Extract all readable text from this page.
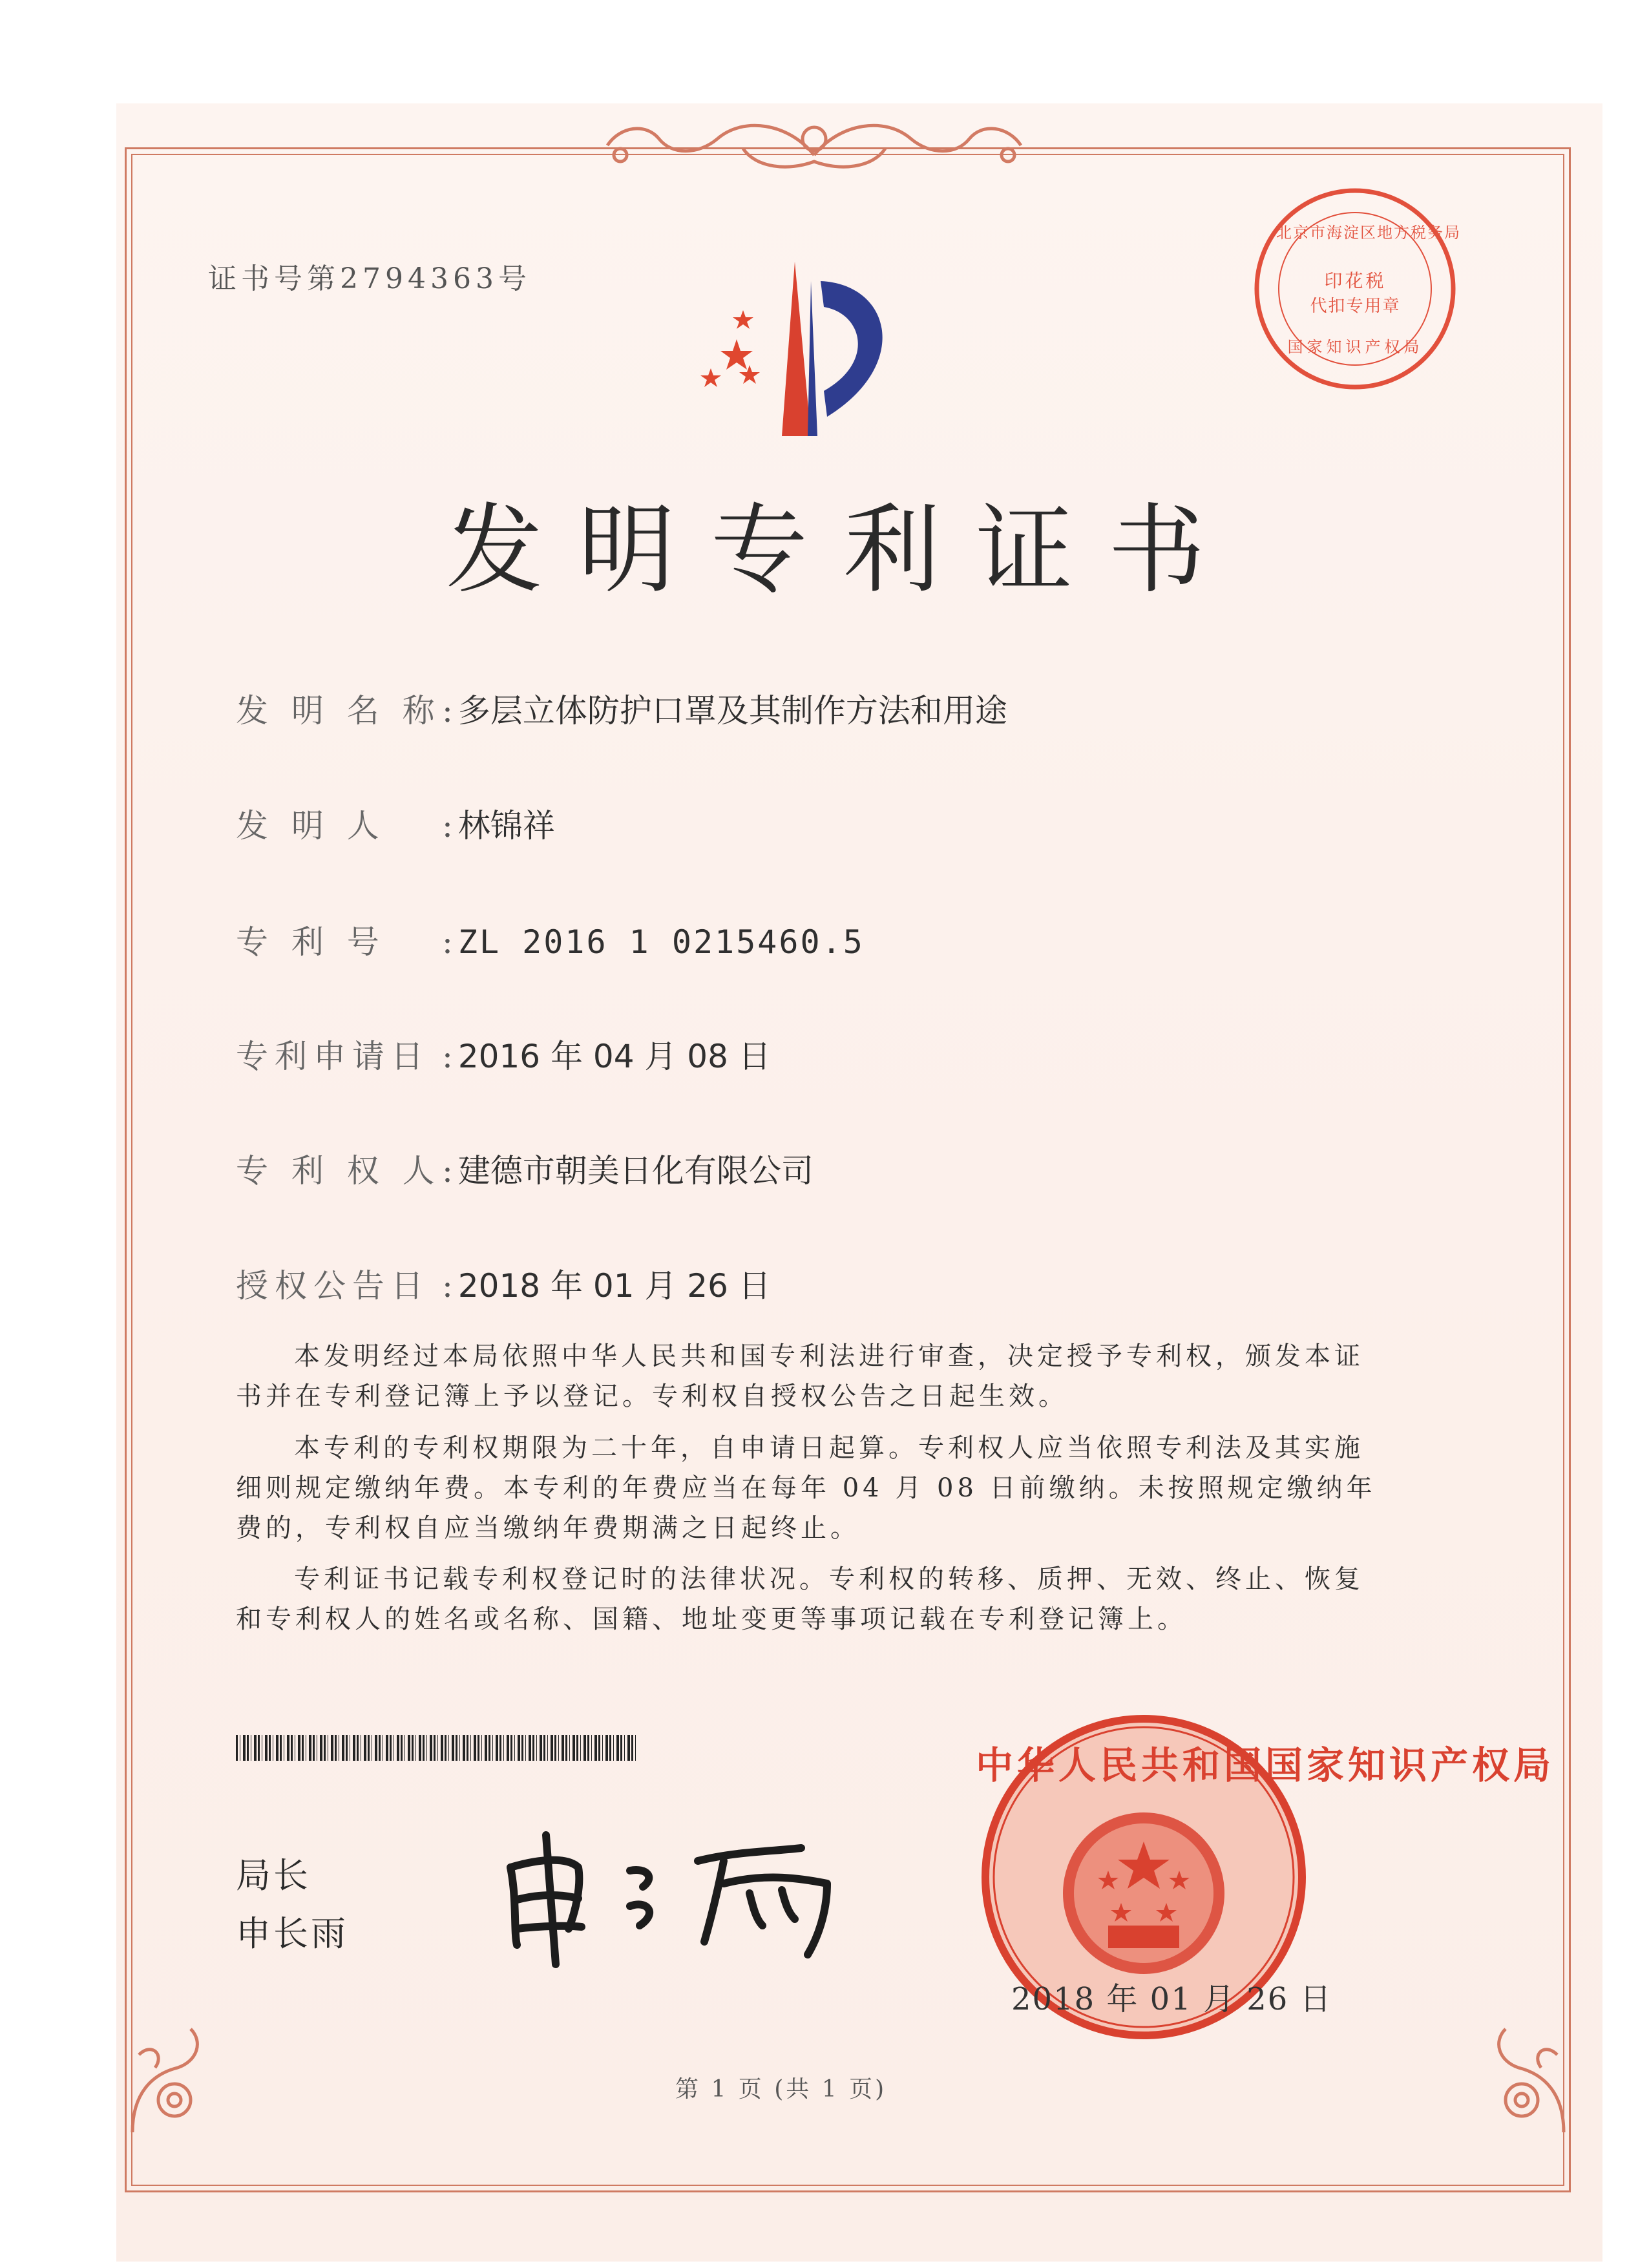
北京市海淀区地方税务局
印花税
代扣专用章
国家知识产权局
证书号第2794363号
发明专利证书
发 明 名 称: 多层立体防护口罩及其制作方法和用途
发 明 人 : 林锦祥
专 利 号 : ZL 2016 1 0215460.5
专利申请日 : 2016 年 04 月 08 日
专 利 权 人: 建德市朝美日化有限公司
授权公告日 : 2018 年 01 月 26 日
本发明经过本局依照中华人民共和国专利法进行审查，决定授予专利权，颁发本证书并在专利登记簿上予以登记。专利权自授权公告之日起生效。
本专利的专利权期限为二十年，自申请日起算。专利权人应当依照专利法及其实施细则规定缴纳年费。本专利的年费应当在每年 04 月 08 日前缴纳。未按照规定缴纳年费的，专利权自应当缴纳年费期满之日起终止。
专利证书记载专利权登记时的法律状况。专利权的转移、质押、无效、终止、恢复和专利权人的姓名或名称、国籍、地址变更等事项记载在专利登记簿上。
局长
申长雨
中华人民共和国国家知识产权局
2018 年 01 月 26 日
第 1 页 (共 1 页)
